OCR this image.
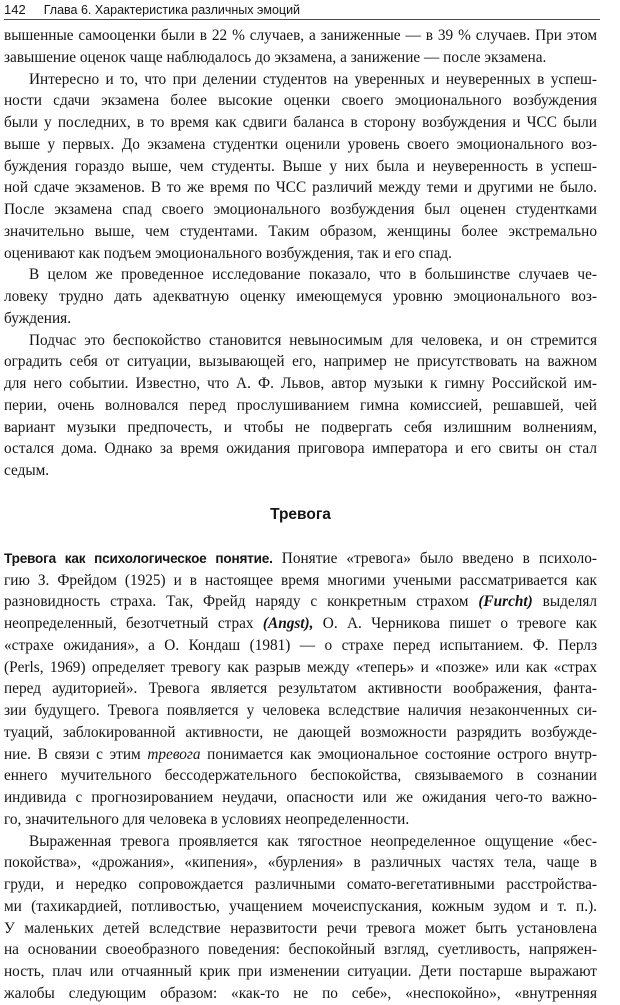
142 Глава 6. Характеристика различных эмоций

вышенные самооценки были в 22 % случаев, а заниженные — в 39 % случаев. При этом
завышение оценок чаще наблюдалось до экзамена, а занижение — после экзамена.

Интересно и то, что при делении студентов на уверенных и неуверенных в успеш-
ности сдачи экзамена более высокие оценки своего эмоционального возбуждения
были у последних, в то время как сдвиги баланса в сторону возбуждения и ЧСС были
выше у первых. До экзамена студентки оценили уровень своего эмоционального воз-
буждения гораздо выше, чем студенты. Выше у них была и неуверенность в успеш-
ной сдаче экзаменов. В то же время по ЧСС различий между теми и другими не было.
После экзамена спад своего эмоционального возбуждения был оценен студентками
значительно выше, чем студентами. Таким образом, женщины более экстремально
оценивают как подъем эмоционального возбуждения, так и его спад.

В целом же проведенное исследование показало, что в большинстве случаев че-
ловеку трудно дать адекватную оценку имеющемуся уровню эмоционального воз-
буждения.

Подчас это беспокойство становится невыносимым для человека, и он стремится
оградить себя от ситуации, вызывающей его, например не присутствовать на важном
для него событии. Известно, что А. Ф. Львов, автор музыки к гимну Российской им-
перии, очень волновался перед прослушиванием гимна комиссией, решавшей, чей
вариант музыки предпочесть, и чтобы не подвергать себя излишним волнениям,
остался дома. Однако за время ожидания приговора императора и его свиты он стал
седым.

Тревога

Тревога как психологическое понятие. Понятие «тревога» было введено в психоло-
гию З. Фрейдом (1925) и в настоящее время многими учеными рассматривается как
разновидность страха. Так, Фрейд наряду с конкретным страхом (Furcht) выделял
неопределенный, безотчетный страх (Angst), О. А. Черникова пишет о тревоге как
«страхе ожидания», а О. Кондаш (1981) — о страхе перед испытанием. Ф. Перлз
(Perls, 1969) определяет тревогу как разрыв между «теперь» и «позже» или как «страх
перед аудиторией». Тревога является результатом активности воображения, фанта-
зии будущего. Тревога появляется у человека вследствие наличия незаконченных си-
туаций, заблокированной активности, не дающей возможности разрядить возбужде-
ние. В связи с этим тревога понимается как эмоциональное состояние острого внутр-
еннего мучительного бессодержательного беспокойства, связываемого в сознании
индивида с прогнозированием неудачи, опасности или же ожидания чего-то важно-
го, значительного для человека в условиях неопределенности.

Выраженная тревога проявляется как тягостное неопределенное ощущение «бес-
покойства», «дрожания», «кипения», «бурления» в различных частях тела, чаще в
груди, и нередко сопровождается различными сомато-вегетативными расстройства-
ми (тахикардией, потливостью, учащением мочеиспускания, кожным зудом и т. п.).
У маленьких детей вследствие неразвитости речи тревога может быть установлена
на основании своеобразного поведения: беспокойный взгляд, суетливость, напряжен-
ность, плач или отчаянный крик при изменении ситуации. Дети постарше выражают
жалобы следующим образом: «как-то не по себе», «неспокойно», «внутренняя
